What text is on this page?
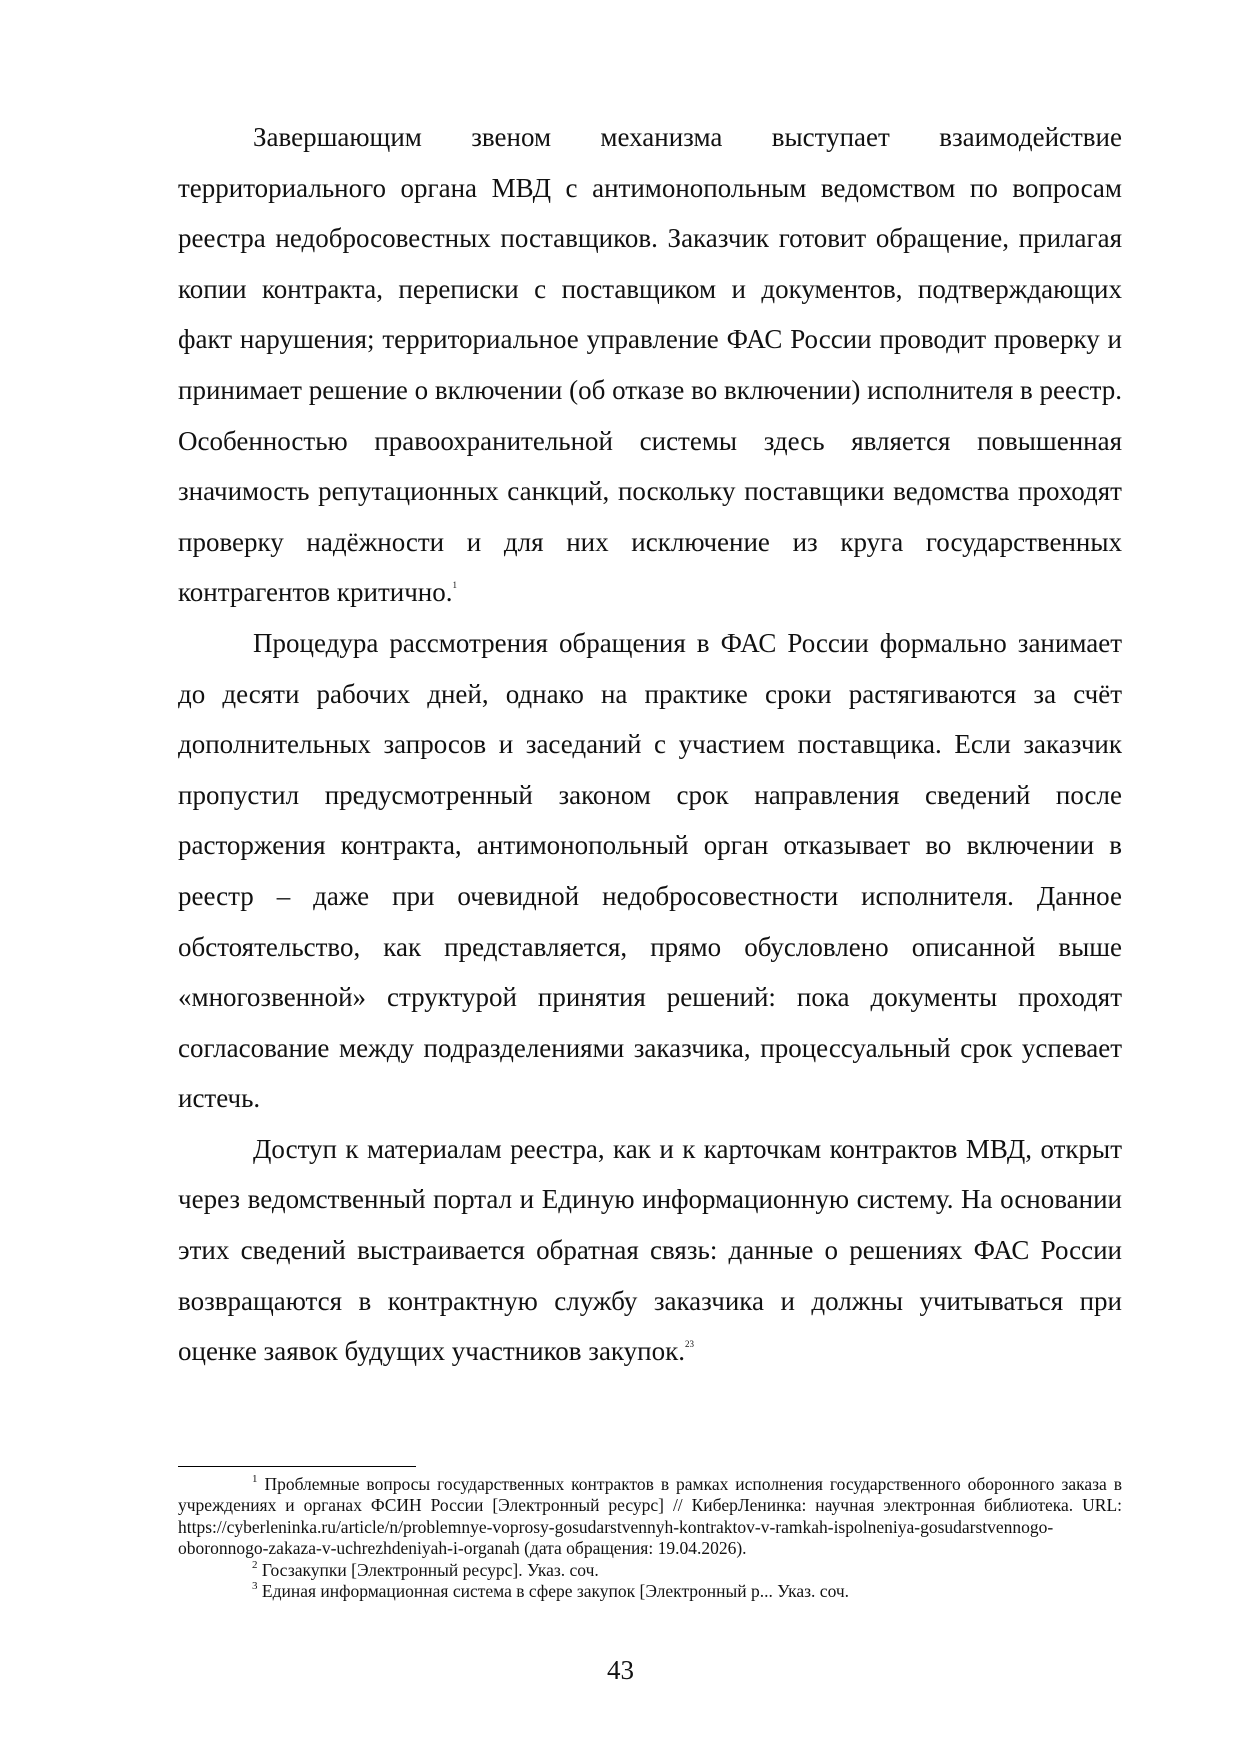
Завершающим звеном механизма выступает взаимодействие территориального органа МВД с антимонопольным ведомством по вопросам реестра недобросовестных поставщиков. Заказчик готовит обращение, прилагая копии контракта, переписки с поставщиком и документов, подтверждающих факт нарушения; территориальное управление ФАС России проводит проверку и принимает решение о включении (об отказе во включении) исполнителя в реестр. Особенностью правоохранительной системы здесь является повышенная значимость репутационных санкций, поскольку поставщики ведомства проходят проверку надёжности и для них исключение из круга государственных контрагентов критично.$^1$

Процедура рассмотрения обращения в ФАС России формально занимает до десяти рабочих дней, однако на практике сроки растягиваются за счёт дополнительных запросов и заседаний с участием поставщика. Если заказчик пропустил предусмотренный законом срок направления сведений после расторжения контракта, антимонопольный орган отказывает во включении в реестр – даже при очевидной недобросовестности исполнителя. Данное обстоятельство, как представляется, прямо обусловлено описанной выше «многозвенной» структурой принятия решений: пока документы проходят согласование между подразделениями заказчика, процессуальный срок успевает истечь.

Доступ к материалам реестра, как и к карточкам контрактов МВД, открыт через ведомственный портал и Единую информационную систему. На основании этих сведений выстраивается обратная связь: данные о решениях ФАС России возвращаются в контрактную службу заказчика и должны учитываться при оценке заявок будущих участников закупок.$^{23}$

$^1$ Проблемные вопросы государственных контрактов в рамках исполнения государственного оборонного заказа в учреждениях и органах ФСИН России [Электронный ресурс] // КиберЛенинка: научная электронная библиотека. URL: https://cyberleninka.ru/article/n/problemnye-voprosy-gosudarstvennyh-kontraktov-v-ramkah-ispolneniya-gosudarstvennogo-oboronnogo-zakaza-v-uchrezhdeniyah-i-organah (дата обращения: 19.04.2026).

$^2$ Госзакупки [Электронный ресурс]. Указ. соч.

$^3$ Единая информационная система в сфере закупок [Электронный р... Указ. соч.

43
